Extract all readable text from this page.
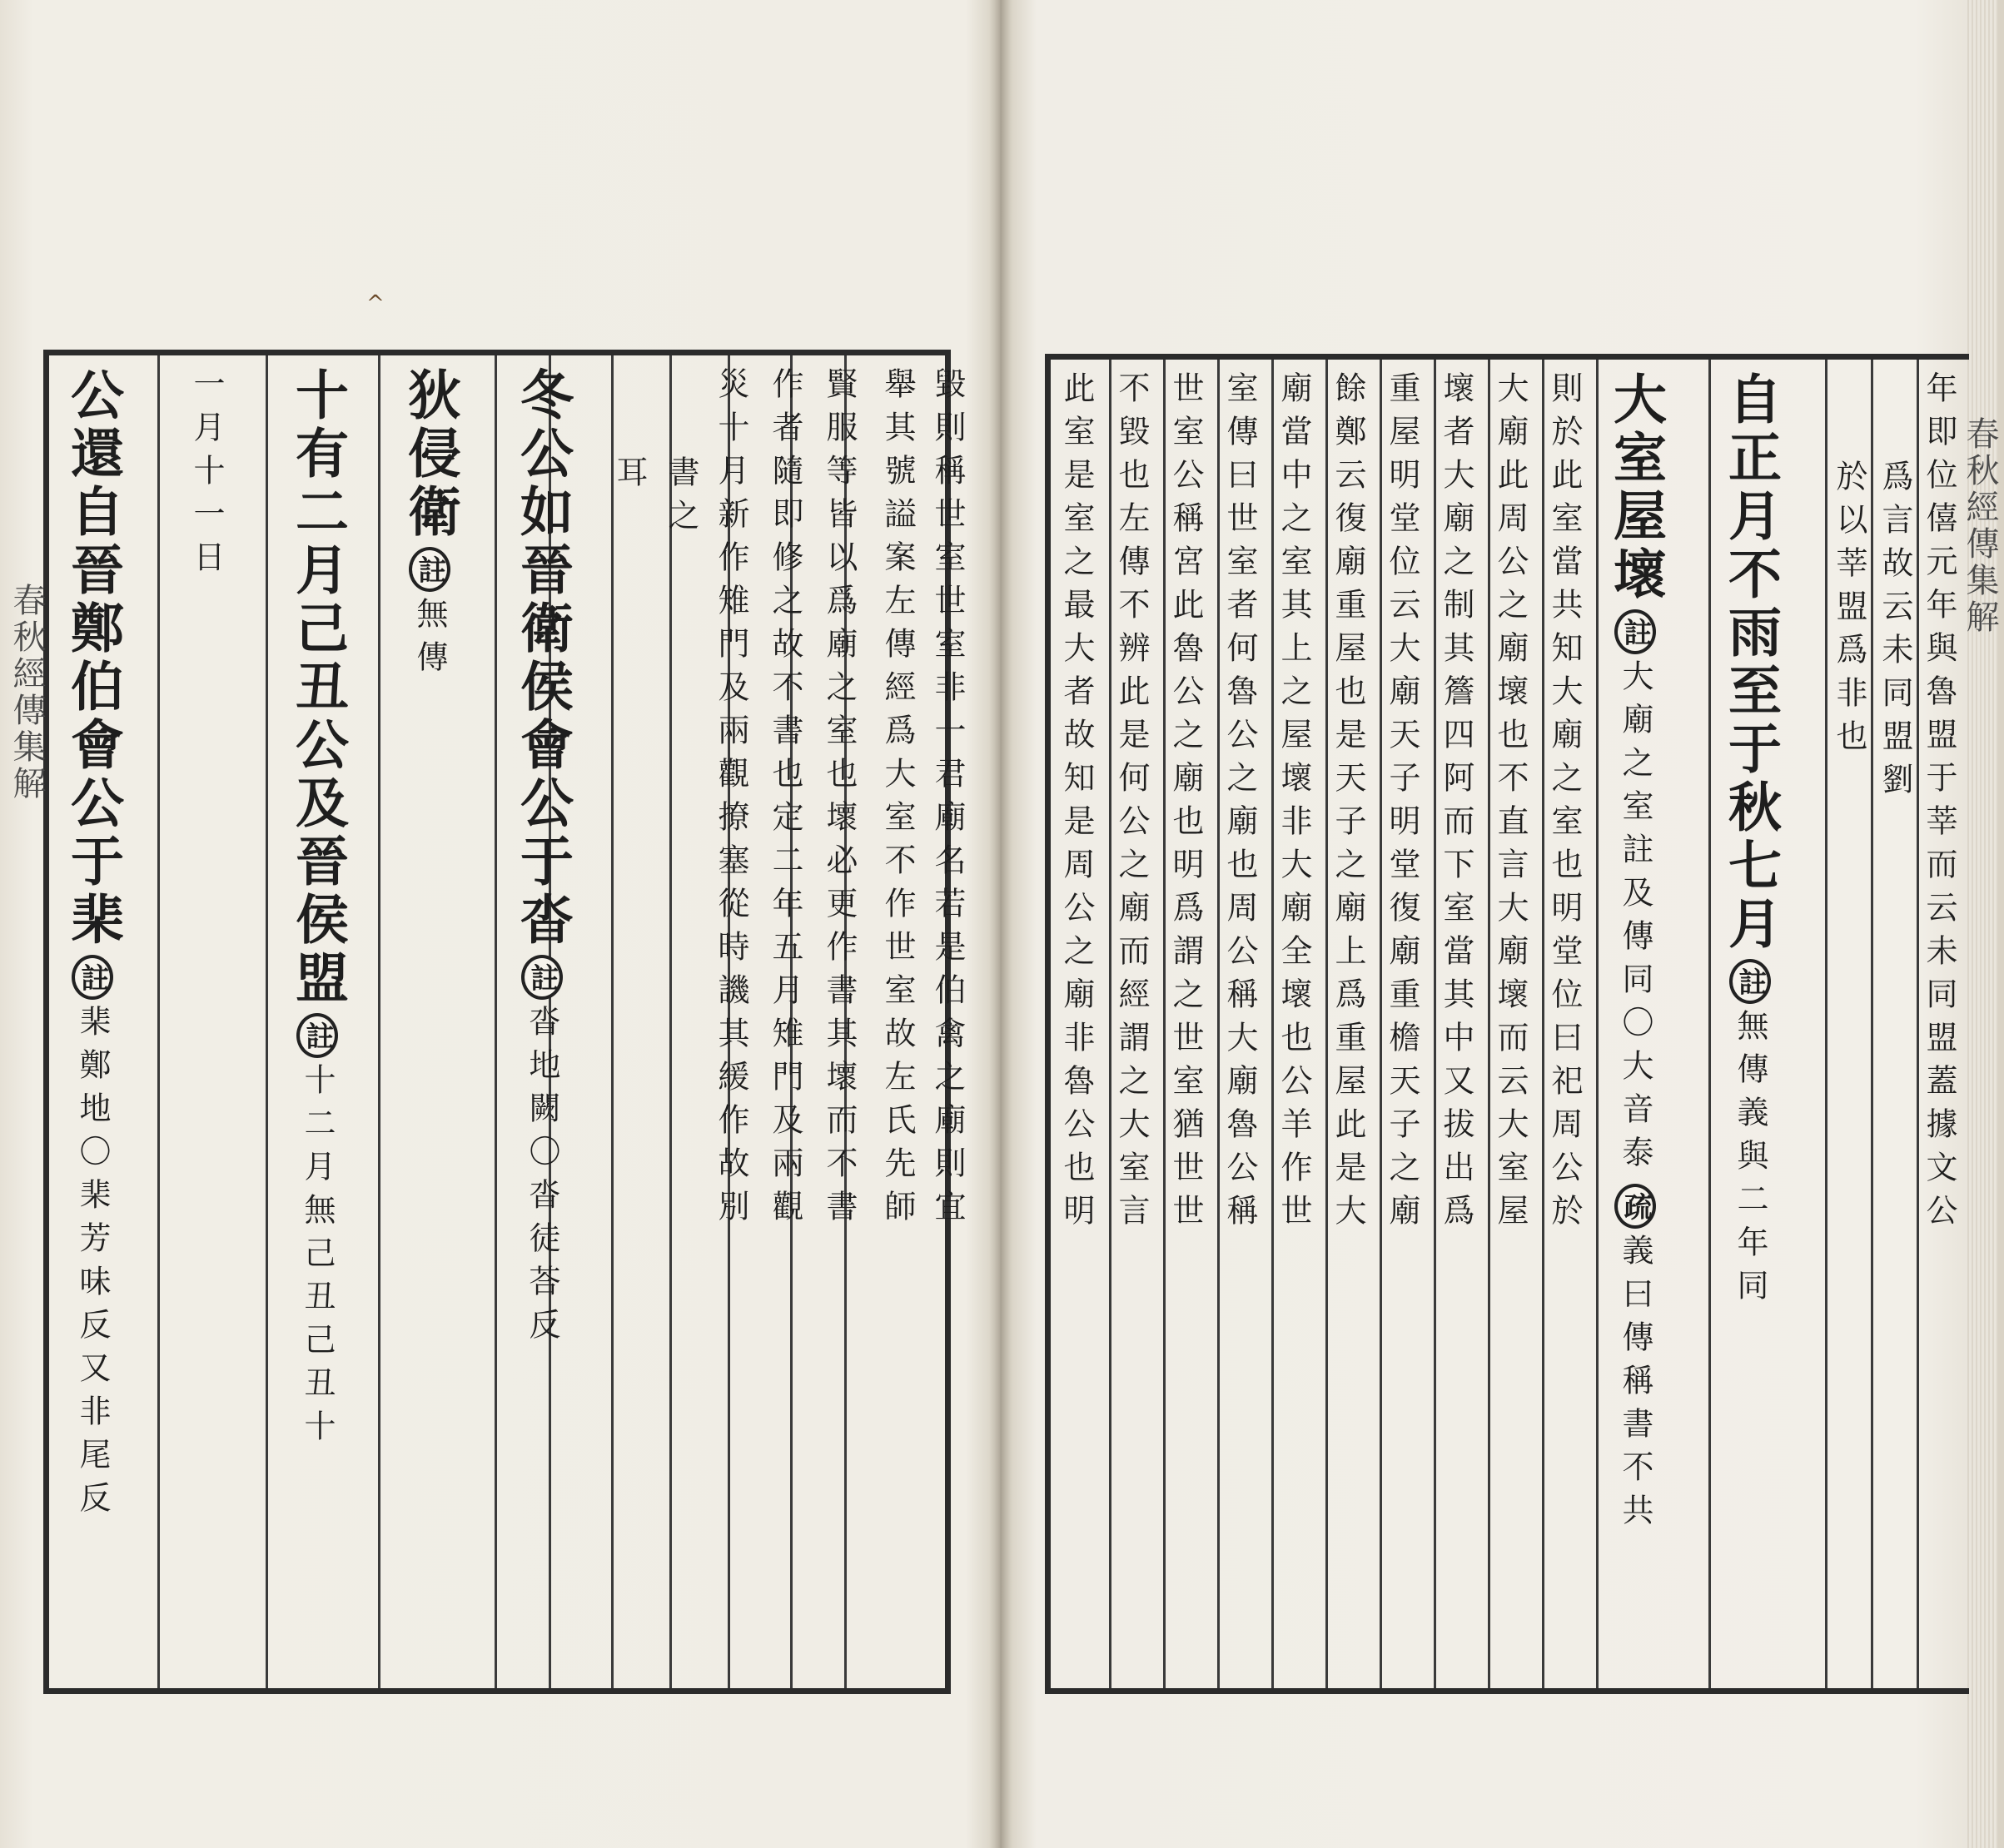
公還自晉鄭伯會公于棐註棐鄭地〇棐芳味反又非尾反
一月十一日 十有二月己丑公及晉侯盟註十二月無己丑己丑十
狄侵衛註無傳 冬公如晉衛侯會公于沓註沓地闕〇沓徒荅反
耳 書之 災十月新作雉門及兩觀撩塞從時譏其緩作故別 作者隨即修之故不書也定二年五月雉門及兩觀 賢服等皆以爲廟之室也壞必更作書其壞而不書 舉其號謚案左傳經爲大室不作世室故左氏先師 毀則稱世室世室非一君廟名若是伯禽之廟則宜	此室是室之最大者故知是周公之廟非魯公也明 不毀也左傳不辨此是何公之廟而經謂之大室言 世室公稱宮此魯公之廟也明爲謂之世室猶世世 室傳曰世室者何魯公之廟也周公稱大廟魯公稱 廟當中之室其上之屋壞非大廟全壞也公羊作世 餘鄭云復廟重屋也是天子之廟上爲重屋此是大 重屋明堂位云大廟天子明堂復廟重檐天子之廟 壞者大廟之制其簷四阿而下室當其中又拔出爲 大廟此周公之廟壞也不直言大廟壞而云大室屋 則於此室當共知大廟之室也明堂位曰祀周公於 大室屋壞註大廟之室註及傳同〇大音泰疏義曰傳稱書不共
自正月不雨至于秋七月註無傳義與二年同
於以莘盟爲非也 爲言故云未同盟劉 年即位僖元年與魯盟于莘而云未同盟蓋據文公
春秋經傳集解
春秋經傳集解
^
